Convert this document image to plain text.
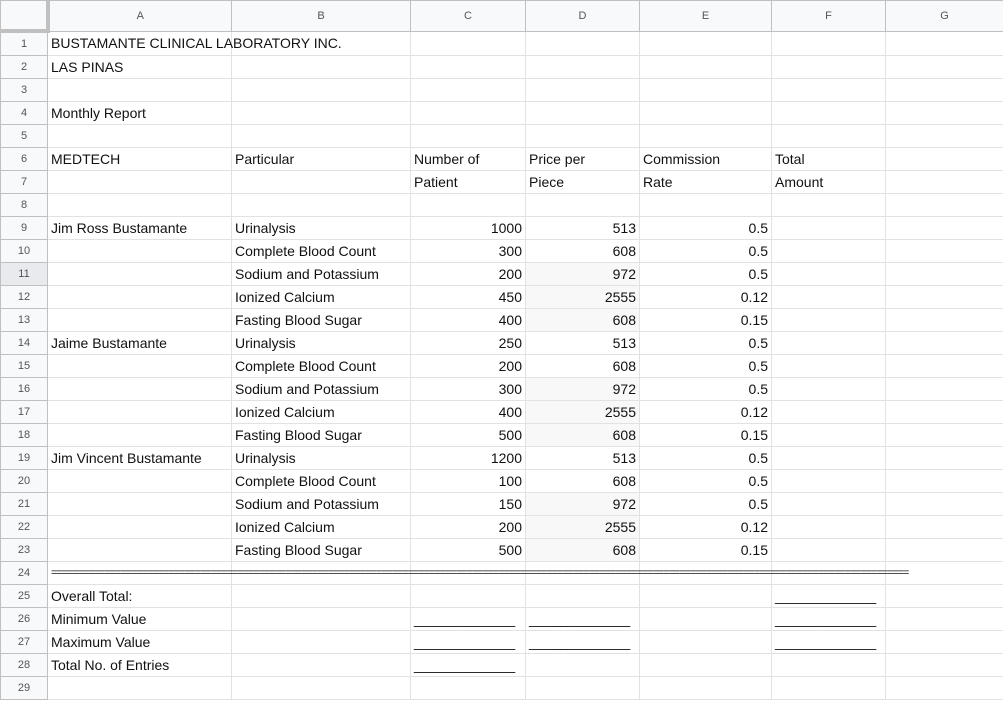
	A	B	C	D	E	F	G
1	BUSTAMANTE CLINICAL LABORATORY INC.						
2	LAS PINAS						
3							
4	Monthly Report						
5							
6	MEDTECH	Particular	Number of	Price per	Commission	Total	
7			Patient	Piece	Rate	Amount	
8							
9	Jim Ross Bustamante	Urinalysis	1000	513	0.5		
10		Complete Blood Count	300	608	0.5		
11		Sodium and Potassium	200	972	0.5		
12		Ionized Calcium	450	2555	0.12		
13		Fasting Blood Sugar	400	608	0.15		
14	Jaime Bustamante	Urinalysis	250	513	0.5		
15		Complete Blood Count	200	608	0.5		
16		Sodium and Potassium	300	972	0.5		
17		Ionized Calcium	400	2555	0.12		
18		Fasting Blood Sugar	500	608	0.15		
19	Jim Vincent Bustamante	Urinalysis	1200	513	0.5		
20		Complete Blood Count	100	608	0.5		
21		Sodium and Potassium	150	972	0.5		
22		Ionized Calcium	200	2555	0.12		
23		Fasting Blood Sugar	500	608	0.15		
24	=================================================================================================================================================================						
25	Overall Total:					_____________	
26	Minimum Value		_____________	_____________		_____________	
27	Maximum Value		_____________	_____________		_____________	
28	Total No. of Entries		_____________				
29							
